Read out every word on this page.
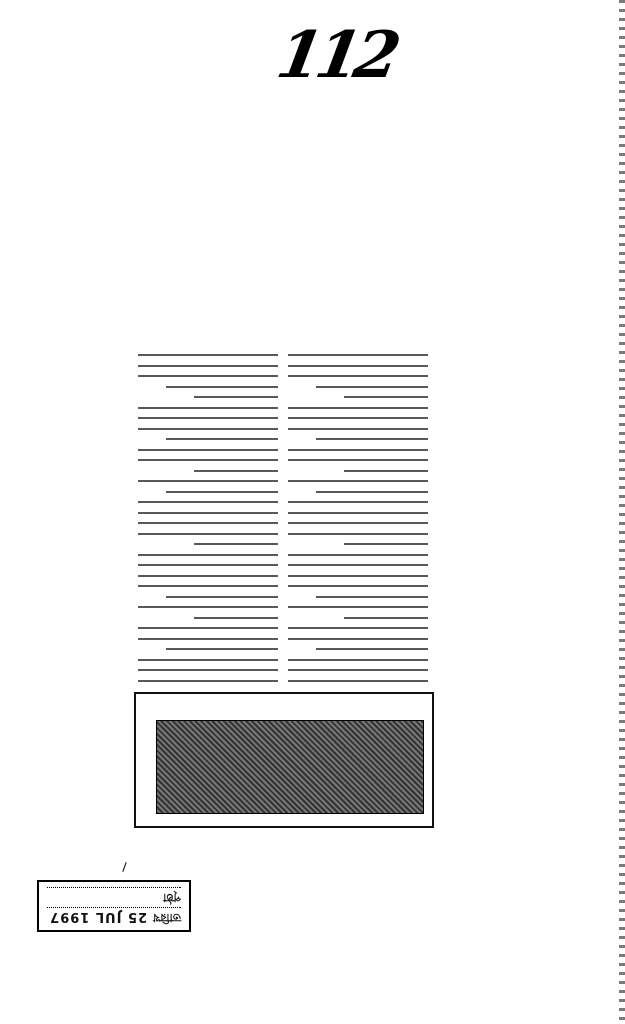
112
তারিখ
25 JUL 1997
পৃষ্ঠা
